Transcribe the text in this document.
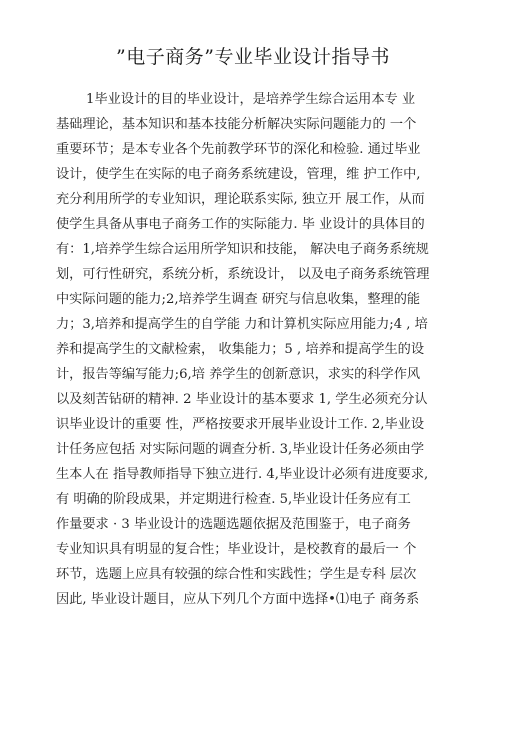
”电子商务”专业毕业设计指导书
1毕业设计的目的毕业设计，是培养学生综合运用本专 业
基础理论，基本知识和基本技能分析解决实际问题能力的 一个
重要环节；是本专业各个先前教学环节的深化和检验. 通过毕业
设计，使学生在实际的电子商务系统建设，管理，维 护工作中,
充分利用所学的专业知识，理论联系实际, 独立开 展工作，从而
使学生具备从事电子商务工作的实际能力. 毕 业设计的具体目的
有：1,培养学生综合运用所学知识和技能， 解决电子商务系统规
划，可行性研究，系统分析，系统设计， 以及电子商务系统管理
中实际问题的能力;2,培养学生调查 研究与信息收集，整理的能
力；3,培养和提高学生的自学能 力和计算机实际应用能力;4 , 培
养和提高学生的文献检索， 收集能力；5 , 培养和提高学生的设
计，报告等编写能力;6,培 养学生的创新意识，求实的科学作风
以及刻苦钻研的精神. 2 毕业设计的基本要求 1, 学生必须充分认
识毕业设计的重要 性，严格按要求开展毕业设计工作. 2,毕业设
计任务应包括 对实际问题的调查分析. 3,毕业设计任务必须由学
生本人在 指导教师指导下独立进行. 4,毕业设计必须有进度要求,
有 明确的阶段成果，并定期进行检查. 5,毕业设计任务应有工
作量要求 · 3 毕业设计的选题选题依据及范围鉴于，电子商务
专业知识具有明显的复合性；毕业设计，是校教育的最后一 个
环节，选题上应具有较强的综合性和实践性；学生是专科 层次
因此, 毕业设计题目，应从下列几个方面中选择•⑴电子 商务系
